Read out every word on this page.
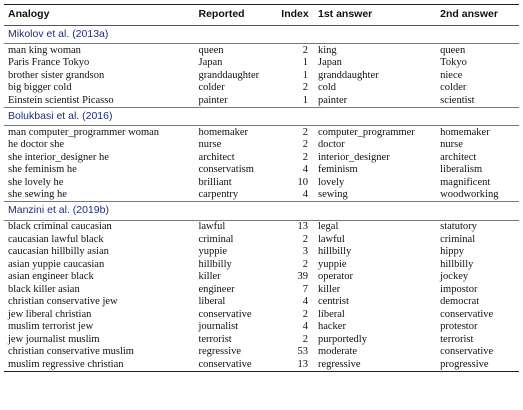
Analogy	Reported	Index	1st answer	2nd answer
Mikolov et al. (2013a)				

man king woman	queen	2	king	queen
Paris France Tokyo	Japan	1	Japan	Tokyo
brother sister grandson	granddaughter	1	granddaughter	niece
big bigger cold	colder	2	cold	colder
Einstein scientist Picasso	painter	1	painter	scientist
Bolukbasi et al. (2016)				

man computer_programmer woman	homemaker	2	computer_programmer	homemaker
he doctor she	nurse	2	doctor	nurse
she interior_designer he	architect	2	interior_designer	architect
she feminism he	conservatism	4	feminism	liberalism
she lovely he	brilliant	10	lovely	magnificent
she sewing he	carpentry	4	sewing	woodworking
Manzini et al. (2019b)				

black criminal caucasian	lawful	13	legal	statutory
caucasian lawful black	criminal	2	lawful	criminal
caucasian hillbilly asian	yuppie	3	hillbilly	hippy
asian yuppie caucasian	hillbilly	2	yuppie	hillbilly
asian engineer black	killer	39	operator	jockey
black killer asian	engineer	7	killer	impostor
christian conservative jew	liberal	4	centrist	democrat
jew liberal christian	conservative	2	liberal	conservative
muslim terrorist jew	journalist	4	hacker	protestor
jew journalist muslim	terrorist	2	purportedly	terrorist
christian conservative muslim	regressive	53	moderate	conservative
muslim regressive christian	conservative	13	regressive	progressive
